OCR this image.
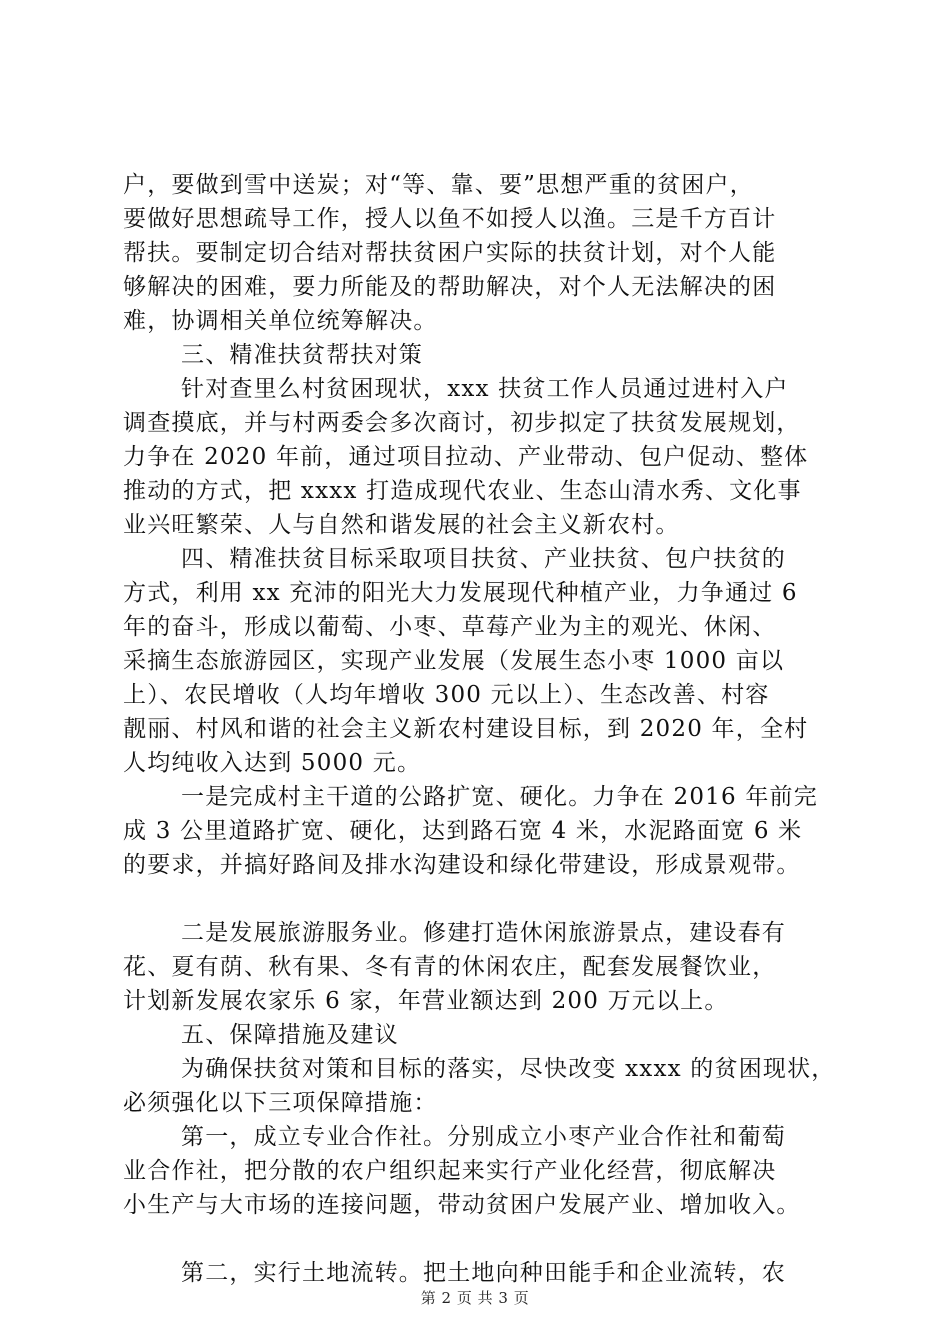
户，要做到雪中送炭；对“等、靠、要”思想严重的贫困户，
要做好思想疏导工作，授人以鱼不如授人以渔。三是千方百计
帮扶。要制定切合结对帮扶贫困户实际的扶贫计划，对个人能
够解决的困难，要力所能及的帮助解决，对个人无法解决的困
难，协调相关单位统筹解决。
三、精准扶贫帮扶对策
针对查里么村贫困现状，xxx 扶贫工作人员通过进村入户
调查摸底，并与村两委会多次商讨，初步拟定了扶贫发展规划，
力争在 2020 年前，通过项目拉动、产业带动、包户促动、整体
推动的方式，把 xxxx 打造成现代农业、生态山清水秀、文化事
业兴旺繁荣、人与自然和谐发展的社会主义新农村。
四、精准扶贫目标采取项目扶贫、产业扶贫、包户扶贫的
方式，利用 xx 充沛的阳光大力发展现代种植产业，力争通过 6
年的奋斗，形成以葡萄、小枣、草莓产业为主的观光、休闲、
采摘生态旅游园区，实现产业发展（发展生态小枣 1000 亩以
上）、农民增收（人均年增收 300 元以上）、生态改善、村容
靓丽、村风和谐的社会主义新农村建设目标，到 2020 年，全村
人均纯收入达到 5000 元。
一是完成村主干道的公路扩宽、硬化。力争在 2016 年前完
成 3 公里道路扩宽、硬化，达到路石宽 4 米，水泥路面宽 6 米
的要求，并搞好路间及排水沟建设和绿化带建设，形成景观带。
二是发展旅游服务业。修建打造休闲旅游景点，建设春有
花、夏有荫、秋有果、冬有青的休闲农庄，配套发展餐饮业，
计划新发展农家乐 6 家，年营业额达到 200 万元以上。
五、保障措施及建议
为确保扶贫对策和目标的落实，尽快改变 xxxx 的贫困现状，
必须强化以下三项保障措施：
第一，成立专业合作社。分别成立小枣产业合作社和葡萄
业合作社，把分散的农户组织起来实行产业化经营，彻底解决
小生产与大市场的连接问题，带动贫困户发展产业、增加收入。
第二，实行土地流转。把土地向种田能手和企业流转，农
第 2 页 共 3 页
